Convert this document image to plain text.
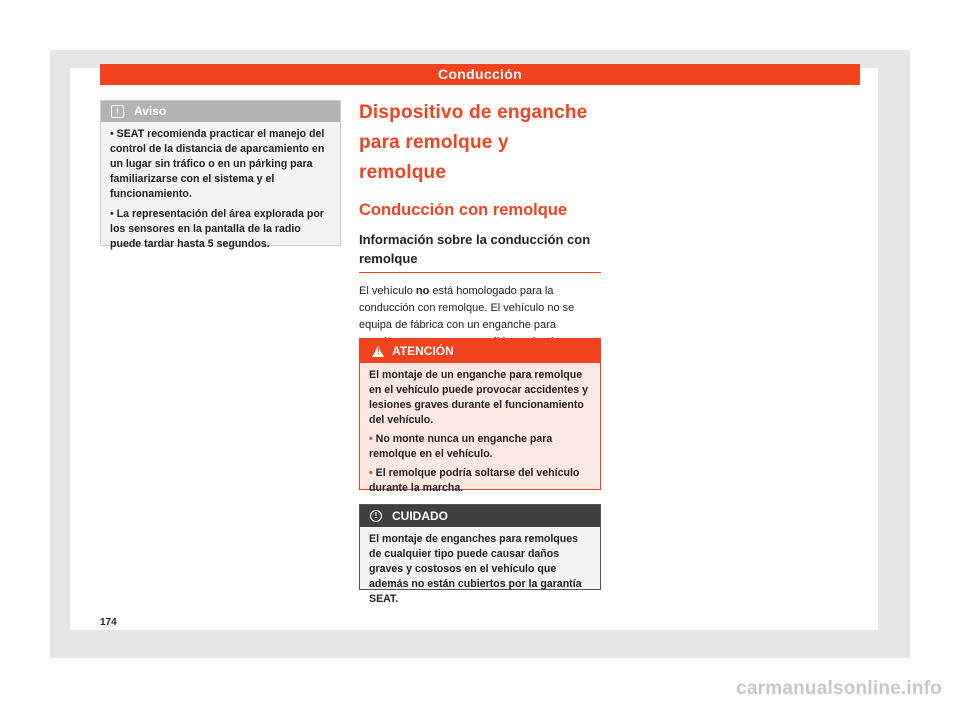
Conducción
i	Aviso

• SEAT recomienda practicar el manejo del control de la distancia de aparcamiento en un lugar sin tráfico o en un párking para familiarizarse con el sistema y el funcionamiento.

• La representación del área explorada por los sensores en la pantalla de la radio puede tardar hasta 5 segundos.

Dispositivo de enganche para remolque y remolque
Conducción con remolque
Información sobre la conducción con remolque

El vehículo no está homologado para la conducción con remolque. El vehículo no se equipa de fábrica con un enganche para

! ATENCIÓN

El montaje de un enganche para remolque en el vehículo puede provocar accidentes y lesiones graves durante el funcionamiento del vehículo.

• No monte nunca un enganche para remolque en el vehículo.

• El remolque podría soltarse del vehículo durante la marcha.

!	CUIDADO

El montaje de enganches para remolques de cualquier tipo puede causar daños graves y costosos en el vehículo que además no están cubiertos por la garantía SEAT.

174
carmanualsonline.info
